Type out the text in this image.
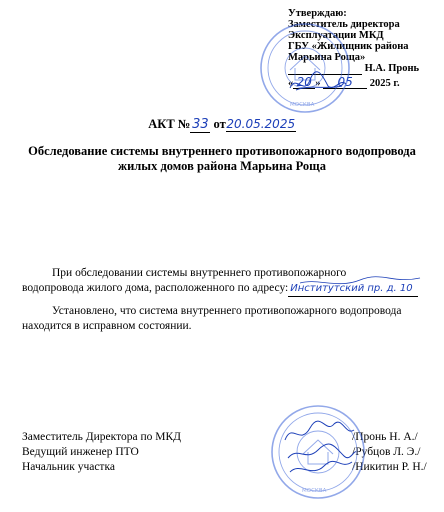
Утверждаю:
Заместитель директора
Эксплуатации МКД
ГБУ «Жилищник района
Марьина Роща»
Н.А. Пронь
« 20 » 05 2025 г.
АКТ № 33 от20.05.2025
Обследование системы внутреннего противопожарного водопровода
жилых домов района Марьина Роща
При обследовании системы внутреннего противопожарного
водопровода жилого дома, расположенного по адресу: Институтский пр. д. 10
Установлено, что система внутреннего противопожарного водопровода
находится в исправном состоянии.
Заместитель Директора по МКД
Ведущий инженер ПТО
Начальник участка
/Пронь Н. А./
/Рубцов Л. Э./
/Никитин Р. Н./
МОСКВА
МОСКВА
